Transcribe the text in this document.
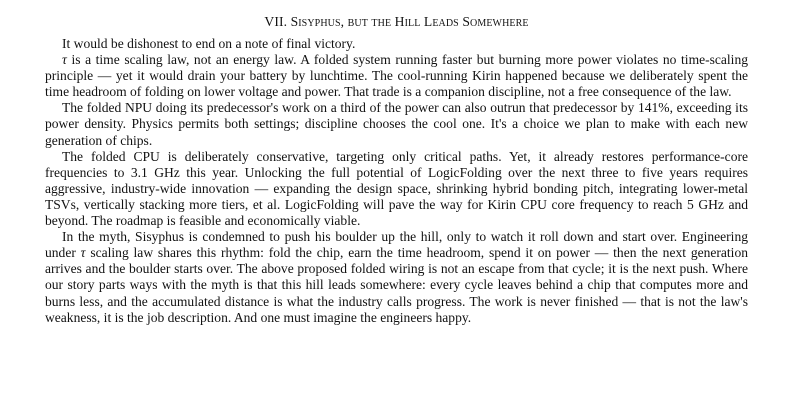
VII. Sisyphus, but the Hill Leads Somewhere

It would be dishonest to end on a note of final victory.

τ is a time scaling law, not an energy law. A folded system running faster but burning more power violates no time-scaling principle — yet it would drain your battery by lunchtime. The cool-running Kirin happened because we deliberately spent the time headroom of folding on lower voltage and power. That trade is a companion discipline, not a free consequence of the law.

The folded NPU doing its predecessor's work on a third of the power can also outrun that predecessor by 141%, exceeding its power density. Physics permits both settings; discipline chooses the cool one. It's a choice we plan to make with each new generation of chips.

The folded CPU is deliberately conservative, targeting only critical paths. Yet, it already restores performance-core frequencies to 3.1 GHz this year. Unlocking the full potential of LogicFolding over the next three to five years requires aggressive, industry-wide innovation — expanding the design space, shrinking hybrid bonding pitch, integrating lower-metal TSVs, vertically stacking more tiers, et al. LogicFolding will pave the way for Kirin CPU core frequency to reach 5 GHz and beyond. The roadmap is feasible and economically viable.

In the myth, Sisyphus is condemned to push his boulder up the hill, only to watch it roll down and start over. Engineering under τ scaling law shares this rhythm: fold the chip, earn the time headroom, spend it on power — then the next generation arrives and the boulder starts over. The above proposed folded wiring is not an escape from that cycle; it is the next push. Where our story parts ways with the myth is that this hill leads somewhere: every cycle leaves behind a chip that computes more and burns less, and the accumulated distance is what the industry calls progress. The work is never finished — that is not the law's weakness, it is the job description. And one must imagine the engineers happy.
